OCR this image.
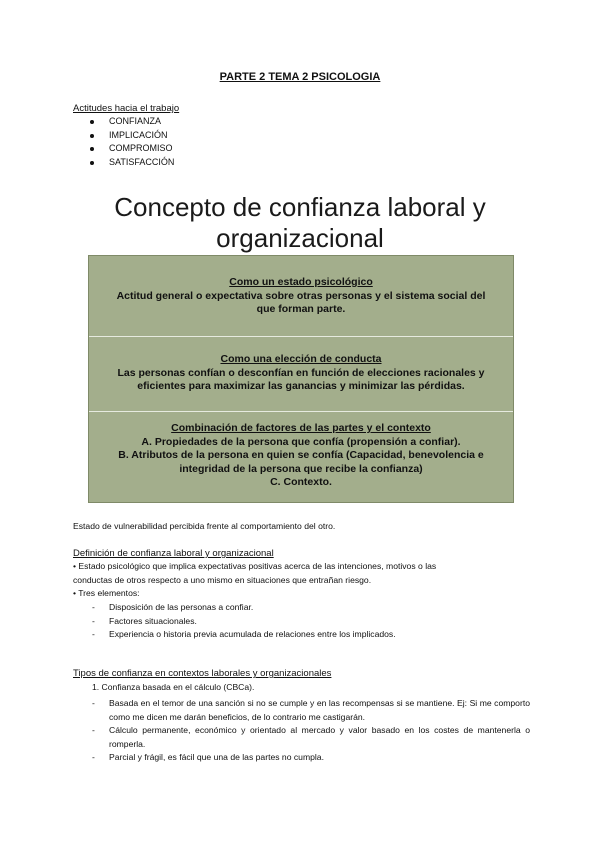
PARTE 2 TEMA 2 PSICOLOGIA
Actitudes hacia el trabajo
CONFIANZA
IMPLICACIÓN
COMPROMISO
SATISFACCIÓN
Concepto de confianza laboral y
organizacional
Como un estado psicológico
Actitud general o expectativa sobre otras personas y el sistema social del
que forman parte.
Como una elección de conducta
Las personas confían o desconfían en función de elecciones racionales y
eficientes para maximizar las ganancias y minimizar las pérdidas.
Combinación de factores de las partes y el contexto
A. Propiedades de la persona que confía (propensión a confiar).
B. Atributos de la persona en quien se confía (Capacidad, benevolencia e
integridad de la persona que recibe la confianza)
C. Contexto.
Estado de vulnerabilidad percibida frente al comportamiento del otro.
Definición de confianza laboral y organizacional
• Estado psicológico que implica expectativas positivas acerca de las intenciones, motivos o las
conductas de otros respecto a uno mismo en situaciones que entrañan riesgo.
• Tres elementos:
- Disposición de las personas a confiar.
- Factores situacionales.
- Experiencia o historia previa acumulada de relaciones entre los implicados.
Tipos de confianza en contextos laborales y organizacionales
1. Confianza basada en el cálculo (CBCa).
- Basada en el temor de una sanción si no se cumple y en las recompensas si se mantiene. Ej: Si me comporto como me dicen me darán beneficios, de lo contrario me castigarán.
- Cálculo permanente, económico y orientado al mercado y valor basado en los costes de mantenerla o romperla.
- Parcial y frágil, es fácil que una de las partes no cumpla.
